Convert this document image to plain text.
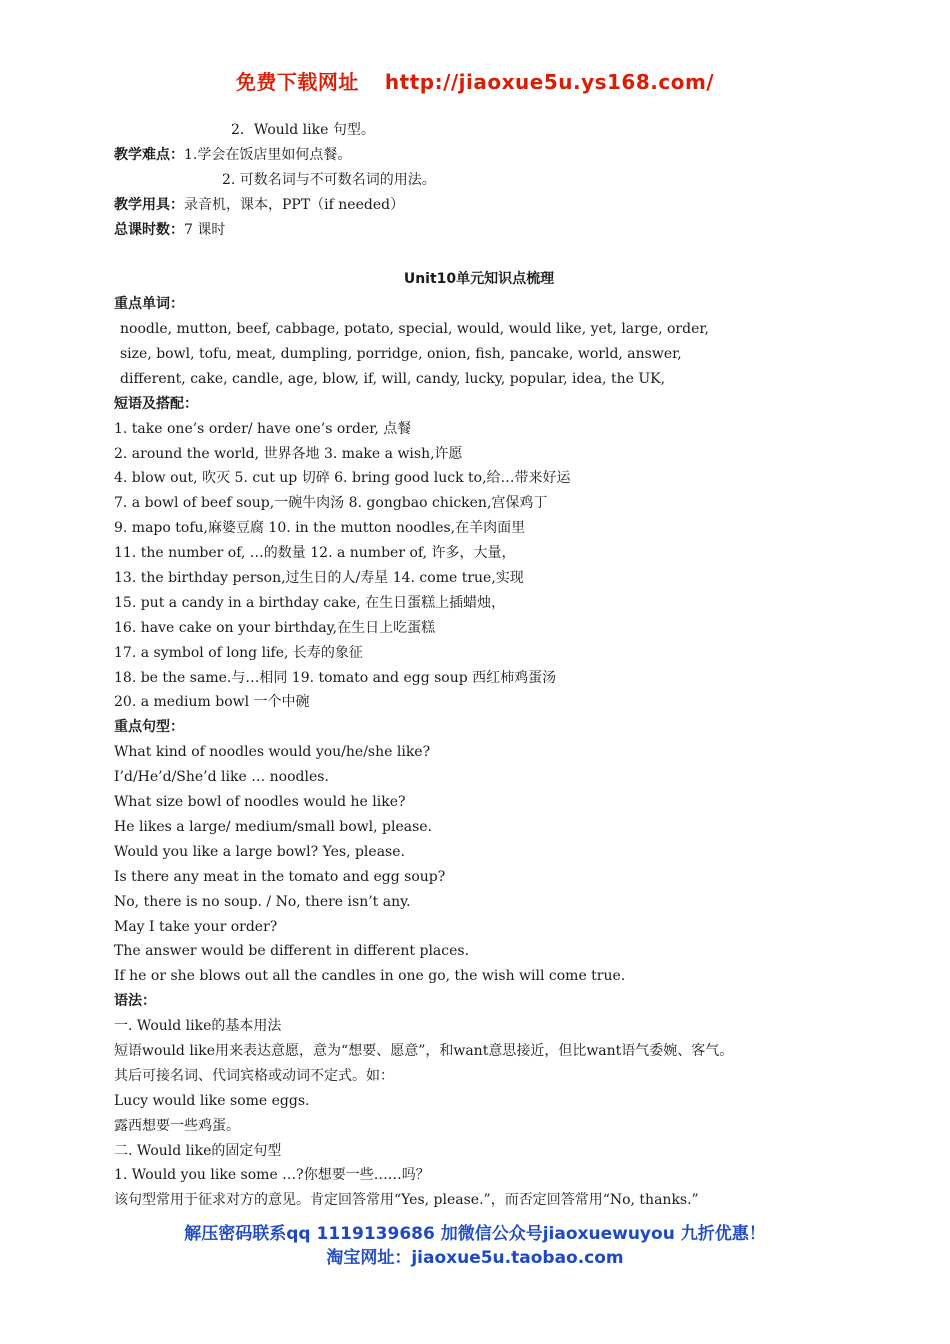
免费下载网址 http://jiaoxue5u.ys168.com/
2．Would like 句型。
教学难点：1.学会在饭店里如何点餐。
2. 可数名词与不可数名词的用法。
教学用具：录音机，课本，PPT（if needed）
总课时数：7 课时
Unit10单元知识点梳理
重点单词：
noodle, mutton, beef, cabbage, potato, special, would, would like, yet, large, order,
size, bowl, tofu, meat, dumpling, porridge, onion, fish, pancake, world, answer,
different, cake, candle, age, blow, if, will, candy, lucky, popular, idea, the UK,
短语及搭配：
1. take one’s order/ have one’s order, 点餐
2. around the world, 世界各地 3. make a wish,许愿
4. blow out, 吹灭 5. cut up 切碎 6. bring good luck to,给…带来好运
7. a bowl of beef soup,一碗牛肉汤 8. gongbao chicken,宫保鸡丁
9. mapo tofu,麻婆豆腐 10. in the mutton noodles,在羊肉面里
11. the number of, …的数量 12. a number of, 许多，大量，
13. the birthday person,过生日的人/寿星 14. come true,实现
15. put a candy in a birthday cake, 在生日蛋糕上插蜡烛，
16. have cake on your birthday,在生日上吃蛋糕
17. a symbol of long life, 长寿的象征
18. be the same.与…相同 19. tomato and egg soup 西红柿鸡蛋汤
20. a medium bowl 一个中碗
重点句型：
What kind of noodles would you/he/she like?
I’d/He’d/She’d like … noodles.
What size bowl of noodles would he like?
He likes a large/ medium/small bowl, please.
Would you like a large bowl? Yes, please.
Is there any meat in the tomato and egg soup?
No, there is no soup. / No, there isn’t any.
May I take your order?
The answer would be different in different places.
If he or she blows out all the candles in one go, the wish will come true.
语法：
一. Would like的基本用法
短语would like用来表达意愿，意为“想要、愿意”，和want意思接近，但比want语气委婉、客气。
其后可接名词、代词宾格或动词不定式。如：
Lucy would like some eggs.
露西想要一些鸡蛋。
二. Would like的固定句型
1. Would you like some …?你想要一些……吗？
该句型常用于征求对方的意见。肯定回答常用“Yes, please.”，而否定回答常用“No, thanks.”
解压密码联系qq 1119139686 加微信公众号jiaoxuewuyou 九折优惠！
淘宝网址：jiaoxue5u.taobao.com
